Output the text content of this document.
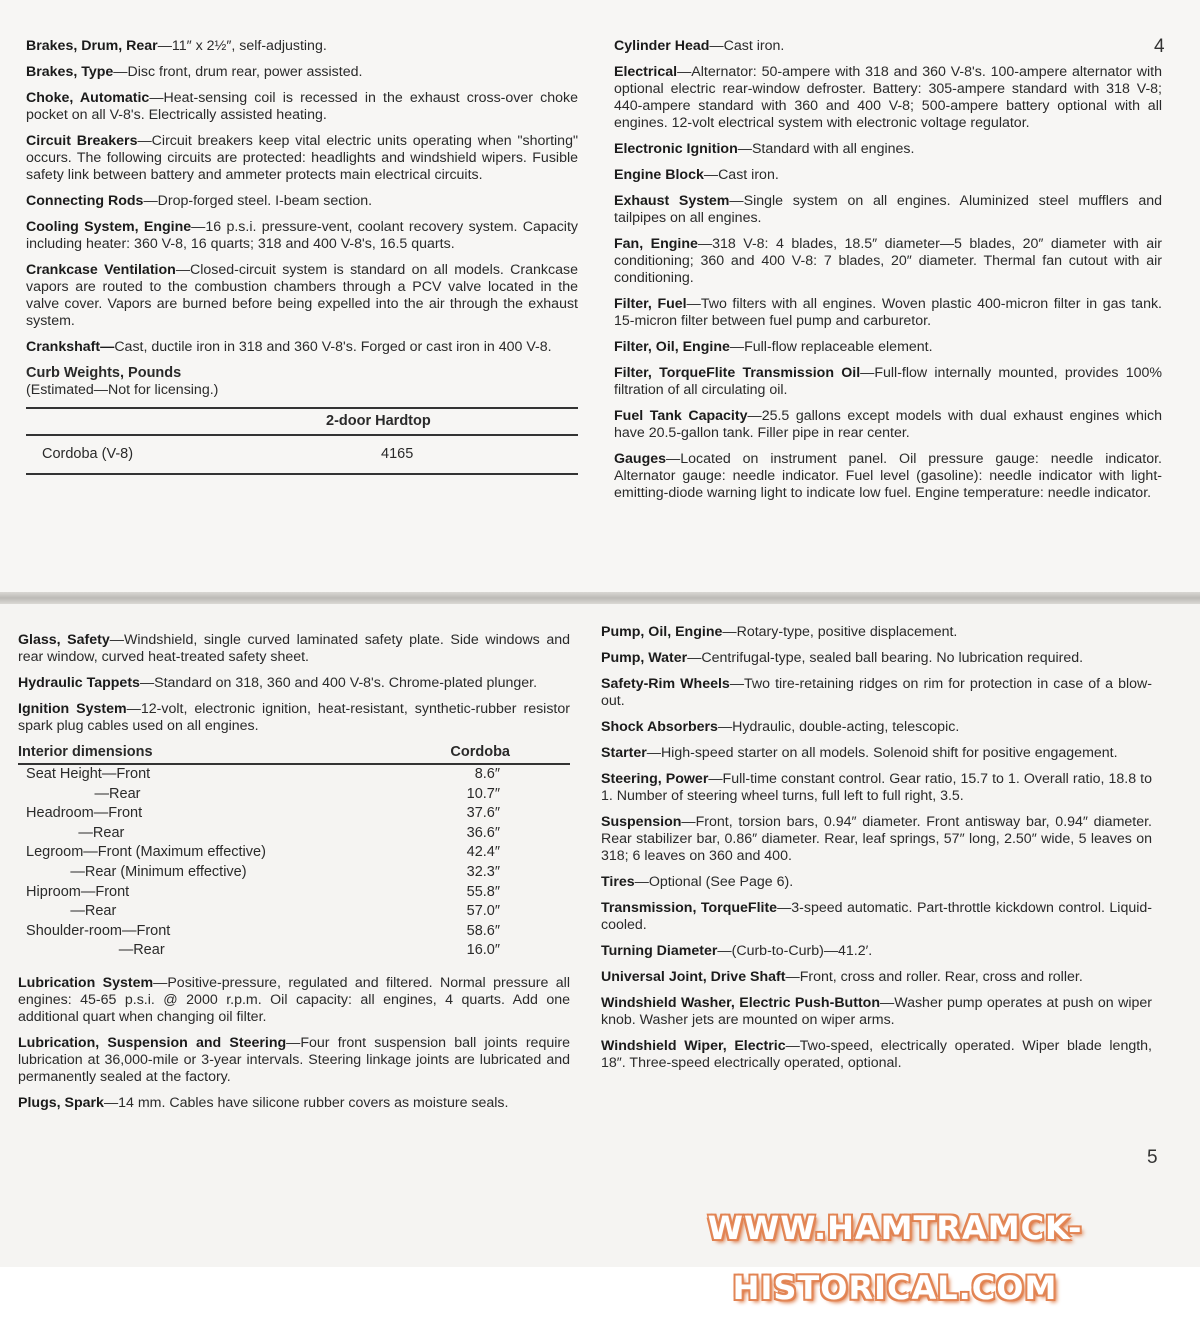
Brakes, Drum, Rear—11″ x 2½″, self-adjusting.
Brakes, Type—Disc front, drum rear, power assisted.
Choke, Automatic—Heat-sensing coil is recessed in the exhaust cross-over choke pocket on all V-8's. Electrically assisted heating.
Circuit Breakers—Circuit breakers keep vital electric units operating when "shorting" occurs. The following circuits are protected: headlights and windshield wipers. Fusible safety link between battery and ammeter protects main electrical circuits.
Connecting Rods—Drop-forged steel. I-beam section.
Cooling System, Engine—16 p.s.i. pressure-vent, coolant recovery system. Capacity including heater: 360 V-8, 16 quarts; 318 and 400 V-8's, 16.5 quarts.
Crankcase Ventilation—Closed-circuit system is standard on all models. Crankcase vapors are routed to the combustion chambers through a PCV valve located in the valve cover. Vapors are burned before being expelled into the air through the exhaust system.
Crankshaft—Cast, ductile iron in 318 and 360 V-8's. Forged or cast iron in 400 V-8.
Curb Weights, Pounds
(Estimated—Not for licensing.)
	2-door Hardtop
Cordoba (V-8)	4165
Cylinder Head—Cast iron.
Electrical—Alternator: 50-ampere with 318 and 360 V-8's. 100-ampere alternator with optional electric rear-window defroster. Battery: 305-ampere standard with 318 V-8; 440-ampere standard with 360 and 400 V-8; 500-ampere battery optional with all engines. 12-volt electrical system with electronic voltage regulator.
Electronic Ignition—Standard with all engines.
Engine Block—Cast iron.
Exhaust System—Single system on all engines. Aluminized steel mufflers and tailpipes on all engines.
Fan, Engine—318 V-8: 4 blades, 18.5″ diameter—5 blades, 20″ diameter with air conditioning; 360 and 400 V-8: 7 blades, 20″ diameter. Thermal fan cutout with air conditioning.
Filter, Fuel—Two filters with all engines. Woven plastic 400-micron filter in gas tank. 15-micron filter between fuel pump and carburetor.
Filter, Oil, Engine—Full-flow replaceable element.
Filter, TorqueFlite Transmission Oil—Full-flow internally mounted, provides 100% filtration of all circulating oil.
Fuel Tank Capacity—25.5 gallons except models with dual exhaust engines which have 20.5-gallon tank. Filler pipe in rear center.
Gauges—Located on instrument panel. Oil pressure gauge: needle indicator. Alternator gauge: needle indicator. Fuel level (gasoline): needle indicator with light-emitting-diode warning light to indicate low fuel. Engine temperature: needle indicator.
4
Glass, Safety—Windshield, single curved laminated safety plate. Side windows and rear window, curved heat-treated safety sheet.
Hydraulic Tappets—Standard on 318, 360 and 400 V-8's. Chrome-plated plunger.
Ignition System—12-volt, electronic ignition, heat-resistant, synthetic-rubber resistor spark plug cables used on all engines.
Interior dimensions	Cordoba
Seat Height—Front	8.6″
—Rear	10.7″
Headroom—Front	37.6″
—Rear	36.6″
Legroom—Front (Maximum effective)	42.4″
—Rear (Minimum effective)	32.3″
Hiproom—Front	55.8″
—Rear	57.0″
Shoulder-room—Front	58.6″
—Rear	16.0″
Lubrication System—Positive-pressure, regulated and filtered. Normal pressure all engines: 45-65 p.s.i. @ 2000 r.p.m. Oil capacity: all engines, 4 quarts. Add one additional quart when changing oil filter.
Lubrication, Suspension and Steering—Four front suspension ball joints require lubrication at 36,000-mile or 3-year intervals. Steering linkage joints are lubricated and permanently sealed at the factory.
Plugs, Spark—14 mm. Cables have silicone rubber covers as moisture seals.
Pump, Oil, Engine—Rotary-type, positive displacement.
Pump, Water—Centrifugal-type, sealed ball bearing. No lubrication required.
Safety-Rim Wheels—Two tire-retaining ridges on rim for protection in case of a blow-out.
Shock Absorbers—Hydraulic, double-acting, telescopic.
Starter—High-speed starter on all models. Solenoid shift for positive engagement.
Steering, Power—Full-time constant control. Gear ratio, 15.7 to 1. Overall ratio, 18.8 to 1. Number of steering wheel turns, full left to full right, 3.5.
Suspension—Front, torsion bars, 0.94″ diameter. Front antisway bar, 0.94″ diameter. Rear stabilizer bar, 0.86″ diameter. Rear, leaf springs, 57″ long, 2.50″ wide, 5 leaves on 318; 6 leaves on 360 and 400.
Tires—Optional (See Page 6).
Transmission, TorqueFlite—3-speed automatic. Part-throttle kickdown control. Liquid-cooled.
Turning Diameter—(Curb-to-Curb)—41.2′.
Universal Joint, Drive Shaft—Front, cross and roller. Rear, cross and roller.
Windshield Washer, Electric Push-Button—Washer pump operates at push on wiper knob. Washer jets are mounted on wiper arms.
Windshield Wiper, Electric—Two-speed, electrically operated. Wiper blade length, 18″. Three-speed electrically operated, optional.
5
WWW.HAMTRAMCK-HISTORICAL.COM
